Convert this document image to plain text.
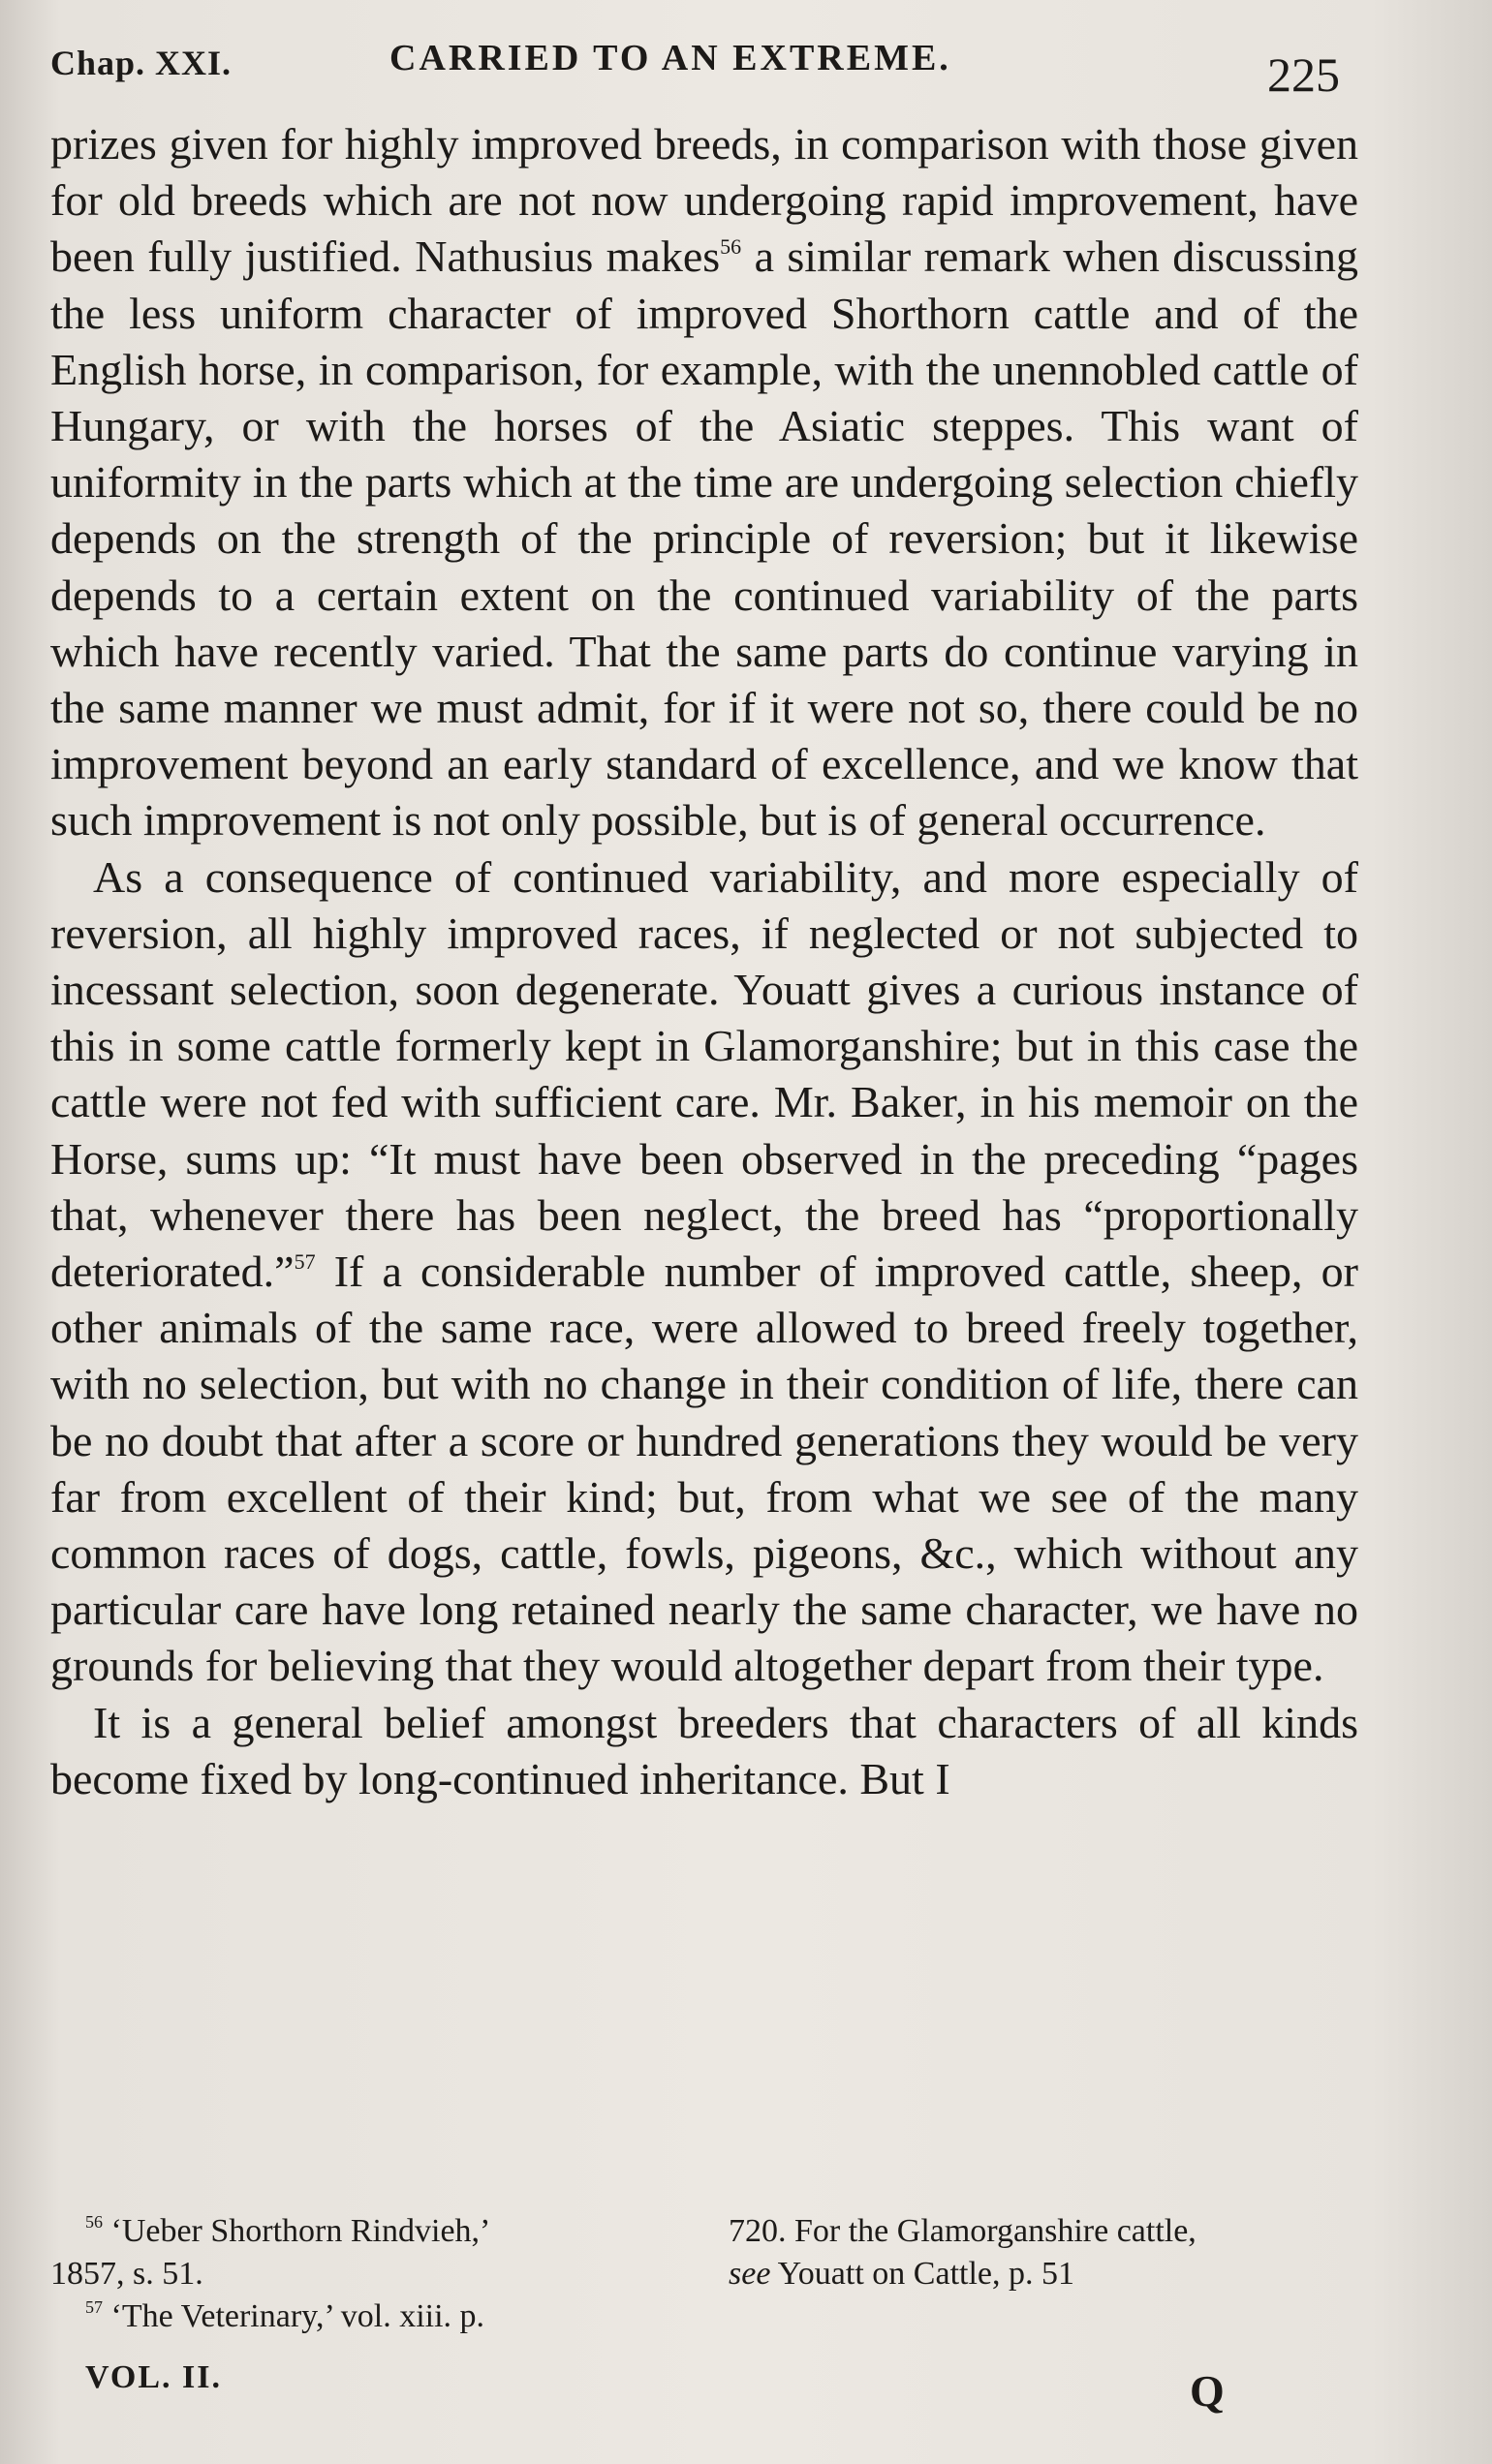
Chap. XXI.	CARRIED TO AN EXTREME.	225

prizes given for highly improved breeds, in comparison with those given for old breeds which are not now undergoing rapid improvement, have been fully justified. Nathusius makes$^{56}$ a similar remark when discussing the less uniform character of improved Shorthorn cattle and of the English horse, in comparison, for example, with the unennobled cattle of Hungary, or with the horses of the Asiatic steppes. This want of uniformity in the parts which at the time are undergoing selection chiefly depends on the strength of the principle of reversion; but it likewise depends to a certain extent on the continued variability of the parts which have recently varied. That the same parts do continue varying in the same manner we must admit, for if it were not so, there could be no improvement beyond an early standard of excellence, and we know that such improvement is not only possible, but is of general occurrence.

As a consequence of continued variability, and more especially of reversion, all highly improved races, if neglected or not subjected to incessant selection, soon degenerate. Youatt gives a curious instance of this in some cattle formerly kept in Glamorganshire; but in this case the cattle were not fed with sufficient care. Mr. Baker, in his memoir on the Horse, sums up: “It must have been observed in the preceding “pages that, whenever there has been neglect, the breed has “proportionally deteriorated.”$^{57}$ If a considerable number of improved cattle, sheep, or other animals of the same race, were allowed to breed freely together, with no selection, but with no change in their condition of life, there can be no doubt that after a score or hundred generations they would be very far from excellent of their kind; but, from what we see of the many common races of dogs, cattle, fowls, pigeons, &c., which without any particular care have long retained nearly the same character, we have no grounds for believing that they would altogether depart from their type.

It is a general belief amongst breeders that characters of all kinds become fixed by long-continued inheritance. But I

$^{56}$ ‘Ueber Shorthorn Rindvieh,’

1857, s. 51.

$^{57}$ ‘The Veterinary,’ vol. xiii. p.

720. For the Glamorganshire cattle,

see Youatt on Cattle, p. 51

VOL. II.	Q
